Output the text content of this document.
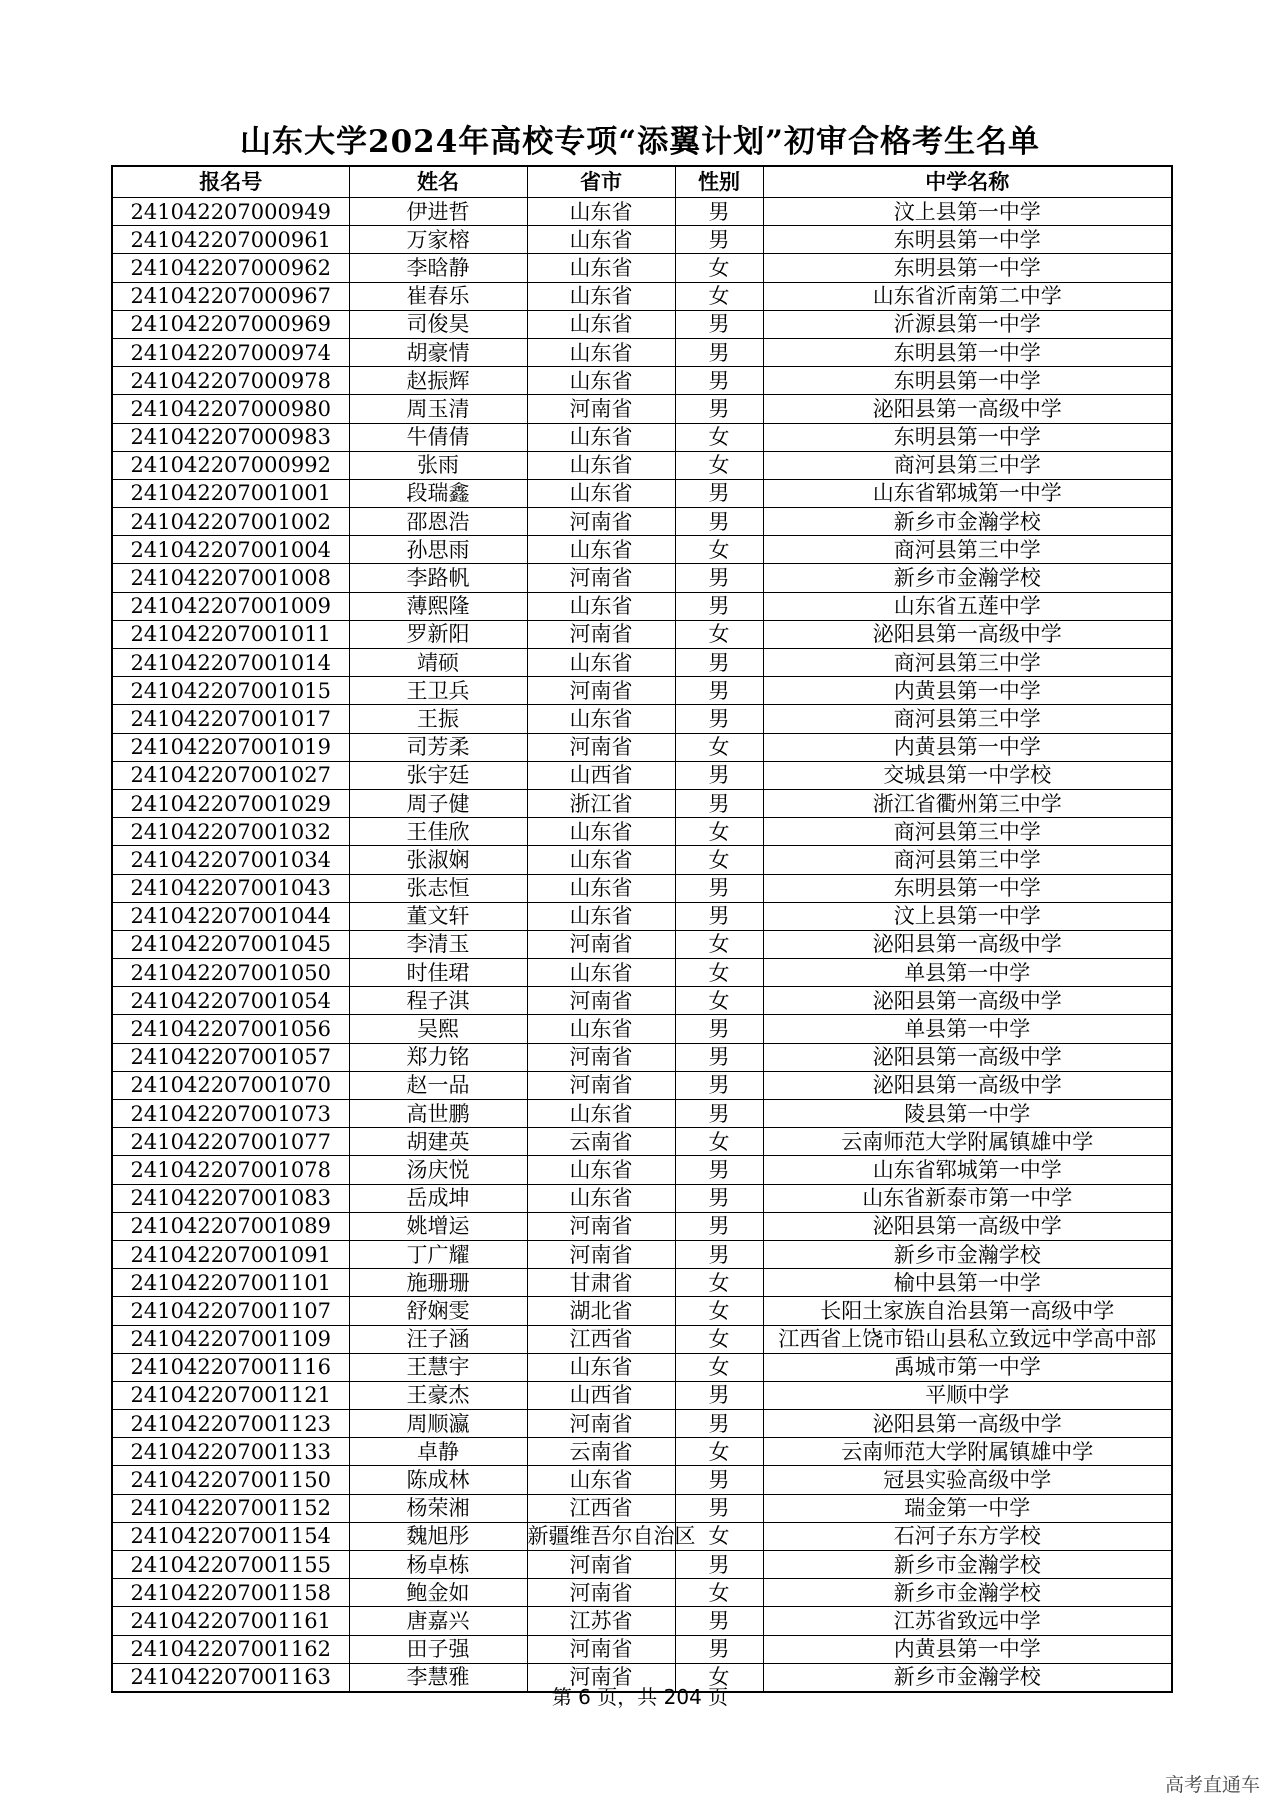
山东大学2024年高校专项“添翼计划”初审合格考生名单
报名号	姓名	省市	性别	中学名称
241042207000949	伊进哲	山东省	男	汶上县第一中学
241042207000961	万家榕	山东省	男	东明县第一中学
241042207000962	李晗静	山东省	女	东明县第一中学
241042207000967	崔春乐	山东省	女	山东省沂南第二中学
241042207000969	司俊昊	山东省	男	沂源县第一中学
241042207000974	胡豪情	山东省	男	东明县第一中学
241042207000978	赵振辉	山东省	男	东明县第一中学
241042207000980	周玉清	河南省	男	泌阳县第一高级中学
241042207000983	牛倩倩	山东省	女	东明县第一中学
241042207000992	张雨	山东省	女	商河县第三中学
241042207001001	段瑞鑫	山东省	男	山东省郓城第一中学
241042207001002	邵恩浩	河南省	男	新乡市金瀚学校
241042207001004	孙思雨	山东省	女	商河县第三中学
241042207001008	李路帆	河南省	男	新乡市金瀚学校
241042207001009	薄熙隆	山东省	男	山东省五莲中学
241042207001011	罗新阳	河南省	女	泌阳县第一高级中学
241042207001014	靖硕	山东省	男	商河县第三中学
241042207001015	王卫兵	河南省	男	内黄县第一中学
241042207001017	王振	山东省	男	商河县第三中学
241042207001019	司芳柔	河南省	女	内黄县第一中学
241042207001027	张宇廷	山西省	男	交城县第一中学校
241042207001029	周子健	浙江省	男	浙江省衢州第三中学
241042207001032	王佳欣	山东省	女	商河县第三中学
241042207001034	张淑娴	山东省	女	商河县第三中学
241042207001043	张志恒	山东省	男	东明县第一中学
241042207001044	董文轩	山东省	男	汶上县第一中学
241042207001045	李清玉	河南省	女	泌阳县第一高级中学
241042207001050	时佳珺	山东省	女	单县第一中学
241042207001054	程子淇	河南省	女	泌阳县第一高级中学
241042207001056	吴熙	山东省	男	单县第一中学
241042207001057	郑力铭	河南省	男	泌阳县第一高级中学
241042207001070	赵一品	河南省	男	泌阳县第一高级中学
241042207001073	高世鹏	山东省	男	陵县第一中学
241042207001077	胡建英	云南省	女	云南师范大学附属镇雄中学
241042207001078	汤庆悦	山东省	男	山东省郓城第一中学
241042207001083	岳成坤	山东省	男	山东省新泰市第一中学
241042207001089	姚增运	河南省	男	泌阳县第一高级中学
241042207001091	丁广耀	河南省	男	新乡市金瀚学校
241042207001101	施珊珊	甘肃省	女	榆中县第一中学
241042207001107	舒娴雯	湖北省	女	长阳土家族自治县第一高级中学
241042207001109	汪子涵	江西省	女	江西省上饶市铅山县私立致远中学高中部
241042207001116	王慧宇	山东省	女	禹城市第一中学
241042207001121	王豪杰	山西省	男	平顺中学
241042207001123	周顺瀛	河南省	男	泌阳县第一高级中学
241042207001133	卓静	云南省	女	云南师范大学附属镇雄中学
241042207001150	陈成林	山东省	男	冠县实验高级中学
241042207001152	杨荣湘	江西省	男	瑞金第一中学
241042207001154	魏旭彤	新疆维吾尔自治区	女	石河子东方学校
241042207001155	杨卓栋	河南省	男	新乡市金瀚学校
241042207001158	鲍金如	河南省	女	新乡市金瀚学校
241042207001161	唐嘉兴	江苏省	男	江苏省致远中学
241042207001162	田子强	河南省	男	内黄县第一中学
241042207001163	李慧雅	河南省	女	新乡市金瀚学校
第 6 页，共 204 页
高考直通车
